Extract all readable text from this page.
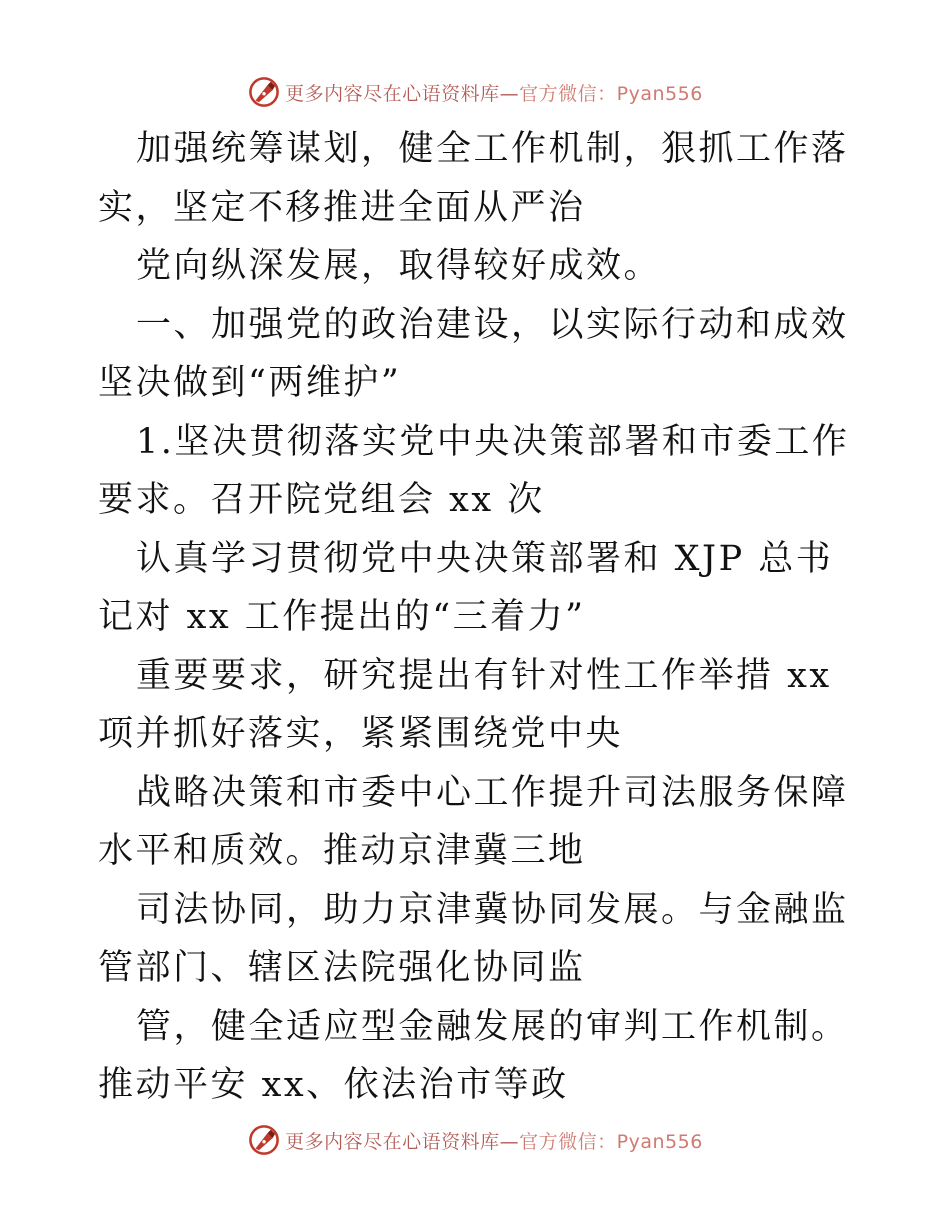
更多内容尽在心语资料库—官方微信：Pyan556

加强统筹谋划，健全工作机制，狠抓工作落实，坚定不移推进全面从严治

党向纵深发展，取得较好成效。

一、加强党的政治建设，以实际行动和成效坚决做到“两维护”

1.坚决贯彻落实党中央决策部署和市委工作要求。召开院党组会 xx 次

认真学习贯彻党中央决策部署和 XJP 总书记对 xx 工作提出的“三着力”

重要要求，研究提出有针对性工作举措 xx 项并抓好落实，紧紧围绕党中央

战略决策和市委中心工作提升司法服务保障水平和质效。推动京津冀三地

司法协同，助力京津冀协同发展。与金融监管部门、辖区法院强化协同监

管，健全适应型金融发展的审判工作机制。推动平安 xx、依法治市等政

更多内容尽在心语资料库—官方微信：Pyan556
